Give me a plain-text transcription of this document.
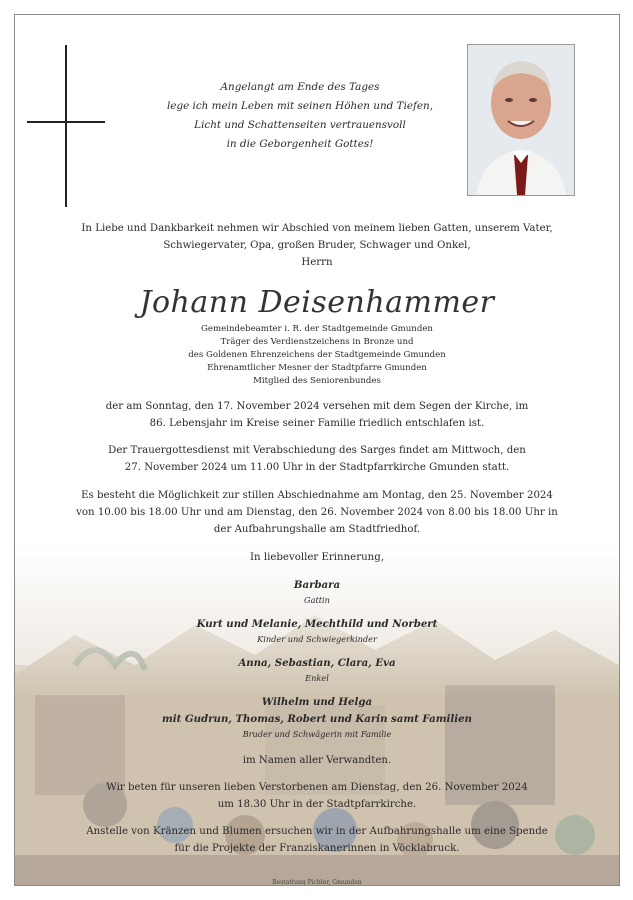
Angelangt am Ende des Tages
lege ich mein Leben mit seinen Höhen und Tiefen,
Licht und Schattenseiten vertrauensvoll
in die Geborgenheit Gottes!

In Liebe und Dankbarkeit nehmen wir Abschied von meinem lieben Gatten, unserem Vater,

Schwiegervater, Opa, großen Bruder, Schwager und Onkel,

Herrn

Johann Deisenhammer

Gemeindebeamter i. R. der Stadtgemeinde Gmunden

Träger des Verdienstzeichens in Bronze und

des Goldenen Ehrenzeichens der Stadtgemeinde Gmunden

Ehrenamtlicher Mesner der Stadtpfarre Gmunden

Mitglied des Seniorenbundes

der am Sonntag, den 17. November 2024 versehen mit dem Segen der Kirche, im

86. Lebensjahr im Kreise seiner Familie friedlich entschlafen ist.

Der Trauergottesdienst mit Verabschiedung des Sarges findet am Mittwoch, den

27. November 2024 um 11.00 Uhr in der Stadtpfarrkirche Gmunden statt.

Es besteht die Möglichkeit zur stillen Abschiednahme am Montag, den 25. November 2024

von 10.00 bis 18.00 Uhr und am Dienstag, den 26. November 2024 von 8.00 bis 18.00 Uhr in

der Aufbahrungshalle am Stadtfriedhof.

In liebevoller Erinnerung,

Barbara

Gattin

Kurt und Melanie, Mechthild und Norbert

Kinder und Schwiegerkinder

Anna, Sebastian, Clara, Eva

Enkel

Wilhelm und Helga

mit Gudrun, Thomas, Robert und Karin samt Familien

Bruder und Schwägerin mit Familie

im Namen aller Verwandten.

Wir beten für unseren lieben Verstorbenen am Dienstag, den 26. November 2024

um 18.30 Uhr in der Stadtpfarrkirche.

Anstelle von Kränzen und Blumen ersuchen wir in der Aufbahrungshalle um eine Spende

für die Projekte der Franziskanerinnen in Vöcklabruck.

Bestattung Pichler, Gmunden
